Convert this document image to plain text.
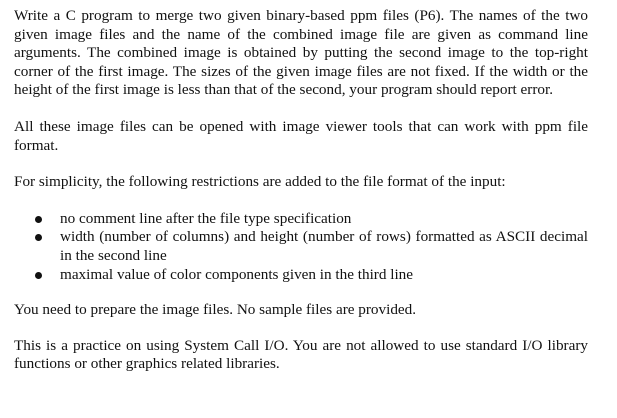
Write a C program to merge two given binary-based ppm files (P6). The names of the two given image files and the name of the combined image file are given as command line arguments. The combined image is obtained by putting the second image to the top-right corner of the first image. The sizes of the given image files are not fixed. If the width or the height of the first image is less than that of the second, your program should report error.

All these image files can be opened with image viewer tools that can work with ppm file format.

For simplicity, the following restrictions are added to the file format of the input:

no comment line after the file type specification
width (number of columns) and height (number of rows) formatted as ASCII decimal in the second line
maximal value of color components given in the third line

You need to prepare the image files. No sample files are provided.

This is a practice on using System Call I/O. You are not allowed to use standard I/O library functions or other graphics related libraries.
